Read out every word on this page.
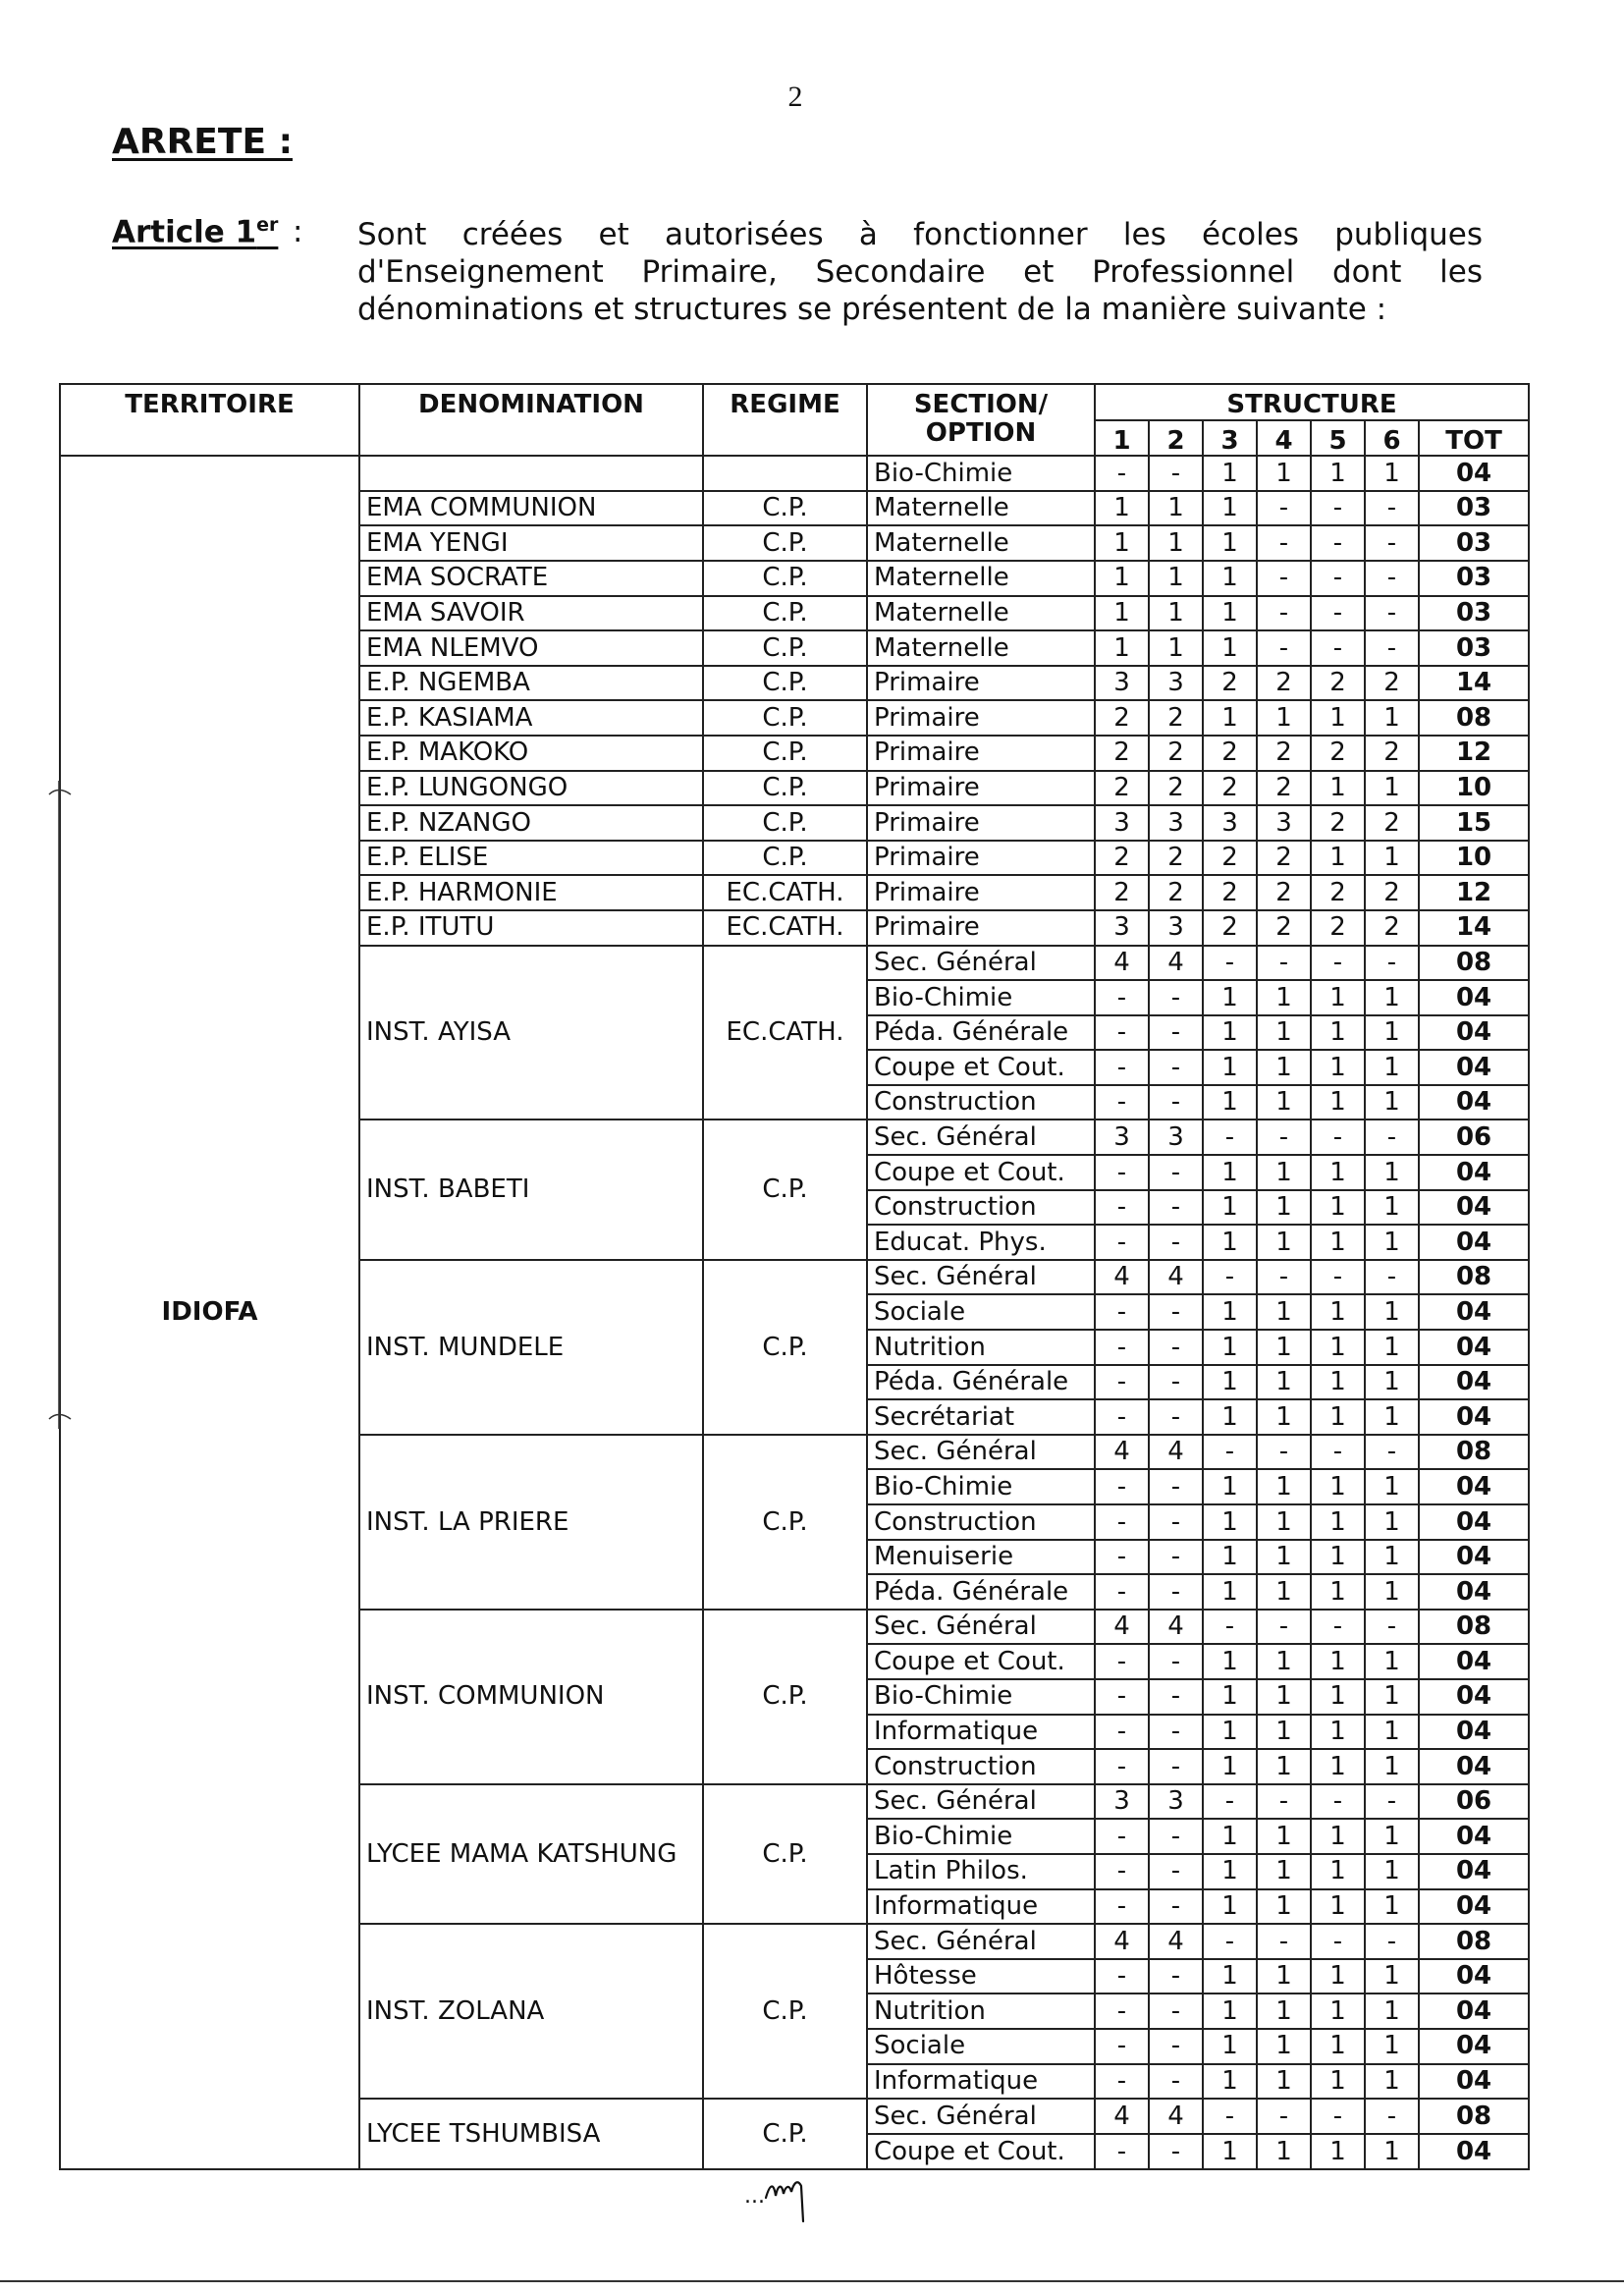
2
ARRETE :
Article 1er : Sont créées et autorisées à fonctionner les écoles publiques d'Enseignement Primaire, Secondaire et Professionnel dont les dénominations et structures se présentent de la manière suivante :
TERRITOIRE	DENOMINATION	REGIME	SECTION/ OPTION	STRUCTURE						
				1	2	3	4	5	6	TOT
IDIOFA			Bio-Chimie	-	-	1	1	1	1	04
	EMA COMMUNION	C.P.	Maternelle	1	1	1	-	-	-	03
	EMA YENGI	C.P.	Maternelle	1	1	1	-	-	-	03
	EMA SOCRATE	C.P.	Maternelle	1	1	1	-	-	-	03
	EMA SAVOIR	C.P.	Maternelle	1	1	1	-	-	-	03
	EMA NLEMVO	C.P.	Maternelle	1	1	1	-	-	-	03
	E.P. NGEMBA	C.P.	Primaire	3	3	2	2	2	2	14
	E.P. KASIAMA	C.P.	Primaire	2	2	1	1	1	1	08
	E.P. MAKOKO	C.P.	Primaire	2	2	2	2	2	2	12
	E.P. LUNGONGO	C.P.	Primaire	2	2	2	2	1	1	10
	E.P. NZANGO	C.P.	Primaire	3	3	3	3	2	2	15
	E.P. ELISE	C.P.	Primaire	2	2	2	2	1	1	10
	E.P. HARMONIE	EC.CATH.	Primaire	2	2	2	2	2	2	12
	E.P. ITUTU	EC.CATH.	Primaire	3	3	2	2	2	2	14
	INST. AYISA	EC.CATH.	Sec. Général	4	4	-	-	-	-	08
			Bio-Chimie	-	-	1	1	1	1	04
			Péda. Générale	-	-	1	1	1	1	04
			Coupe et Cout.	-	-	1	1	1	1	04
			Construction	-	-	1	1	1	1	04
	INST. BABETI	C.P.	Sec. Général	3	3	-	-	-	-	06
			Coupe et Cout.	-	-	1	1	1	1	04
			Construction	-	-	1	1	1	1	04
			Educat. Phys.	-	-	1	1	1	1	04
	INST. MUNDELE	C.P.	Sec. Général	4	4	-	-	-	-	08
			Sociale	-	-	1	1	1	1	04
			Nutrition	-	-	1	1	1	1	04
			Péda. Générale	-	-	1	1	1	1	04
			Secrétariat	-	-	1	1	1	1	04
	INST. LA PRIERE	C.P.	Sec. Général	4	4	-	-	-	-	08
			Bio-Chimie	-	-	1	1	1	1	04
			Construction	-	-	1	1	1	1	04
			Menuiserie	-	-	1	1	1	1	04
			Péda. Générale	-	-	1	1	1	1	04
	INST. COMMUNION	C.P.	Sec. Général	4	4	-	-	-	-	08
			Coupe et Cout.	-	-	1	1	1	1	04
			Bio-Chimie	-	-	1	1	1	1	04
			Informatique	-	-	1	1	1	1	04
			Construction	-	-	1	1	1	1	04
	LYCEE MAMA KATSHUNG	C.P.	Sec. Général	3	3	-	-	-	-	06
			Bio-Chimie	-	-	1	1	1	1	04
			Latin Philos.	-	-	1	1	1	1	04
			Informatique	-	-	1	1	1	1	04
	INST. ZOLANA	C.P.	Sec. Général	4	4	-	-	-	-	08
			Hôtesse	-	-	1	1	1	1	04
			Nutrition	-	-	1	1	1	1	04
			Sociale	-	-	1	1	1	1	04
			Informatique	-	-	1	1	1	1	04
	LYCEE TSHUMBISA	C.P.	Sec. Général	4	4	-	-	-	-	08
			Coupe et Cout.	-	-	1	1	1	1	04
...
